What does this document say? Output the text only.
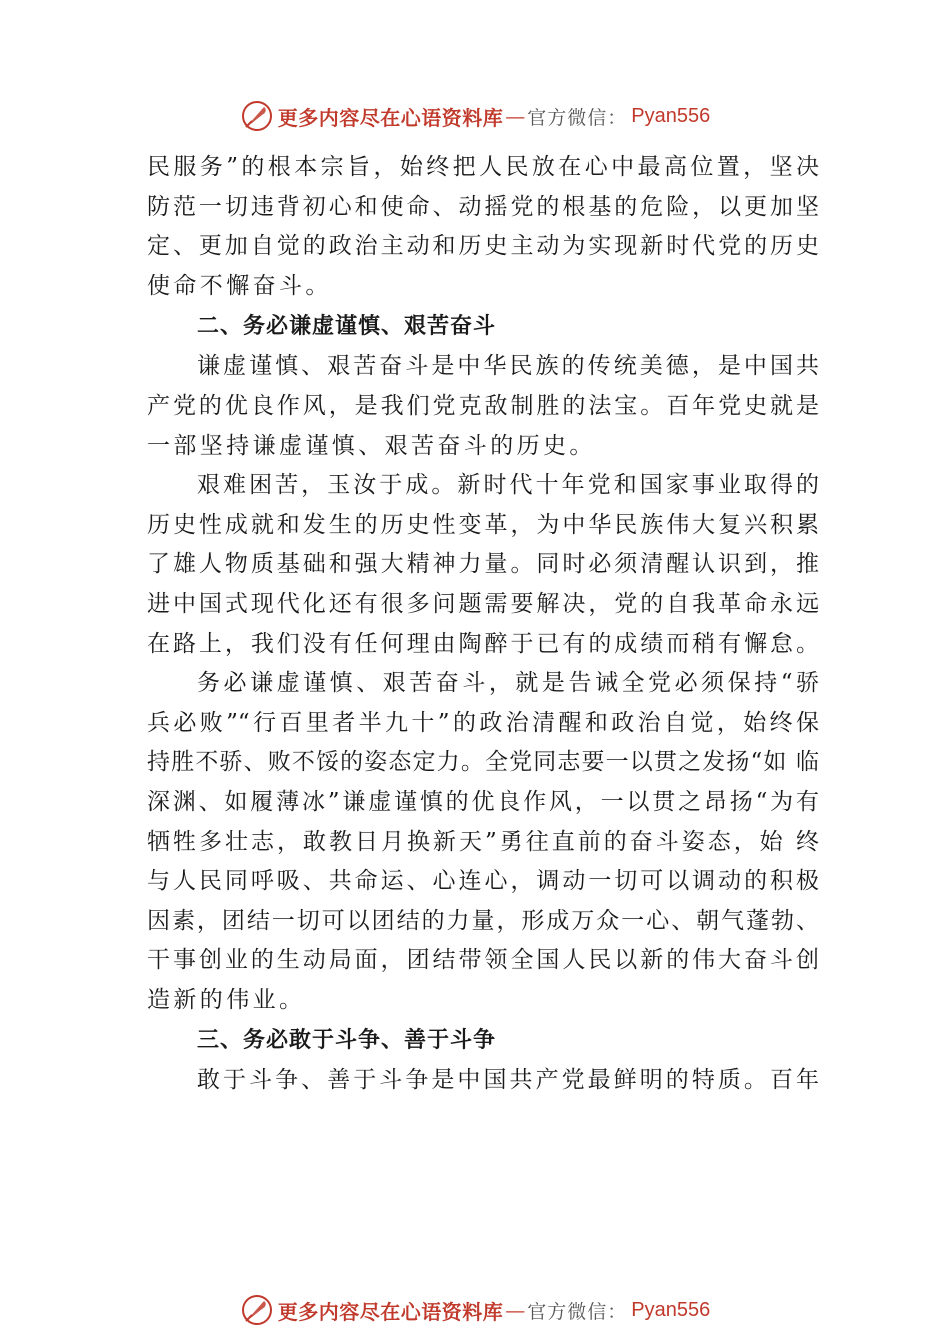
更多内容尽在心语资料库 — 官方微信： Pyan556
民服务”的根本宗旨，始终把人民放在心中最高位置，坚决
防范一切违背初心和使命、动摇党的根基的危险，以更加坚
定、更加自觉的政治主动和历史主动为实现新时代党的历史
使命不懈奋斗。
二、务必谦虚谨慎、艰苦奋斗
谦虚谨慎、艰苦奋斗是中华民族的传统美德，是中国共
产党的优良作风，是我们党克敌制胜的法宝。百年党史就是
一部坚持谦虚谨慎、艰苦奋斗的历史。
艰难困苦，玉汝于成。新时代十年党和国家事业取得的
历史性成就和发生的历史性变革，为中华民族伟大复兴积累
了雄⼈物质基础和强大精神力量。同时必须清醒认识到，推
进中国式现代化还有很多问题需要解决，党的自我革命永远
在路上，我们没有任何理由陶醉于已有的成绩而稍有懈怠。
务必谦虚谨慎、艰苦奋斗，就是告诫全党必须保持“骄
兵必败”“行百里者半九十”的政治清醒和政治自觉，始终保
持胜不骄、败不馁的姿态定力。全党同志要一以贯之发扬“如 临
深渊、如履薄冰”谦虚谨慎的优良作风，一以贯之昂扬“为有
牺牲多壮志，敢教日月换新天”勇往直前的奋斗姿态，始 终
与人民同呼吸、共命运、心连心，调动一切可以调动的积极
因素，团结一切可以团结的力量，形成万众一心、朝气蓬勃、
干事创业的生动局面，团结带领全国人民以新的伟大奋斗创
造新的伟业。
三、务必敢于斗争、善于斗争
敢于斗争、善于斗争是中国共产党最鲜明的特质。百年
更多内容尽在心语资料库 — 官方微信： Pyan556
